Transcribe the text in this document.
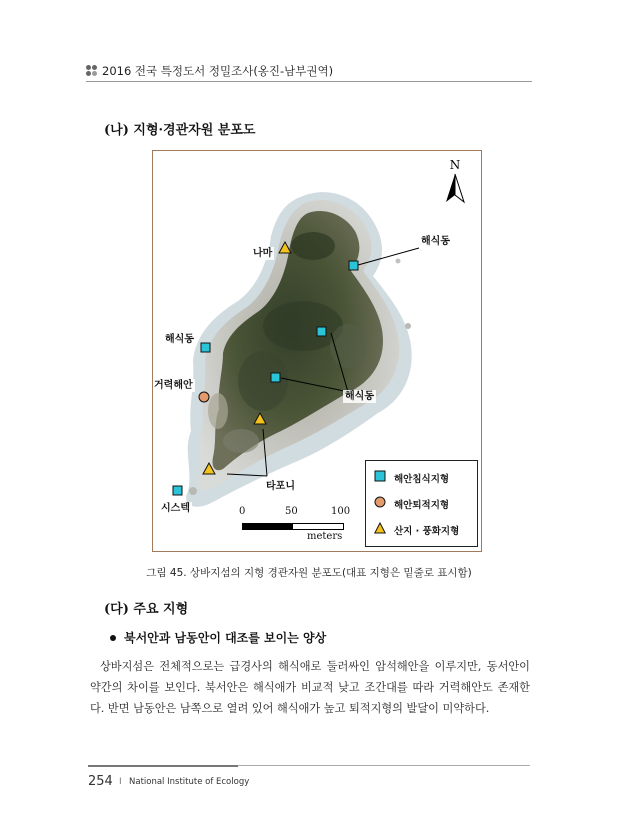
2016 전국 특정도서 정밀조사(옹진-남부권역)
(나) 지형·경관자원 분포도
N
나마
해식동
해식동
거력해안
해식동
타포니
시스텍	0	50	100
meters
해안침식지형
해안퇴적지형
산지 · 풍화지형
그림 45. 상바지섬의 지형 경관자원 분포도(대표 지형은 밑줄로 표시함)
(다) 주요 지형
북서안과 남동안이 대조를 보이는 양상
상바지섬은 전체적으로는 급경사의 해식애로 둘러싸인 암석해안을 이루지만, 동서안이 약간의 차이를 보인다. 북서안은 해식애가 비교적 낮고 조간대를 따라 거력해안도 존재한다. 반면 남동안은 남쪽으로 열려 있어 해식애가 높고 퇴적지형의 발달이 미약하다.
254 I National Institute of Ecology
